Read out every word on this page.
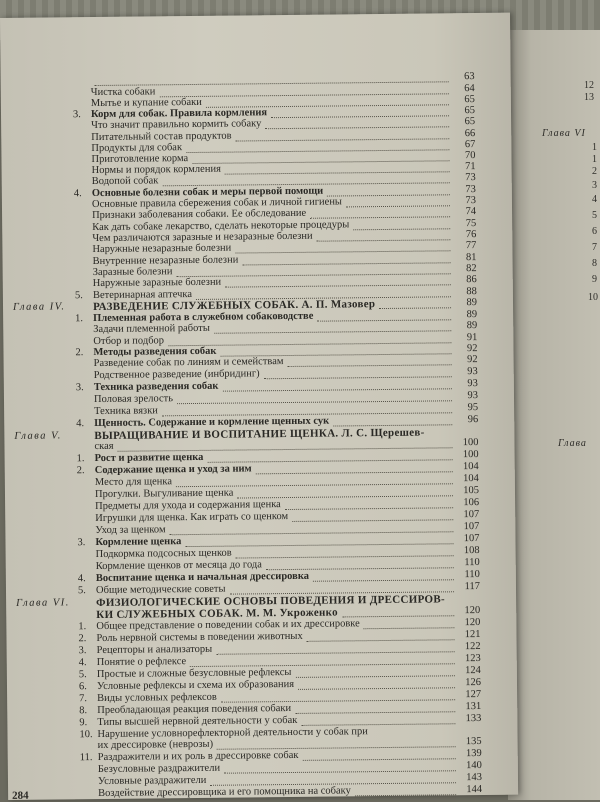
12
13
Глава VI
1
1
2
3
4
5
6
7
8
9
10
Глава
63
Чистка собаки	64
Мытье и купание собаки	65
3. Корм для собак. Правила кормления	65
Что значит правильно кормить собаку	65
Питательный состав продуктов	66
Продукты для собак	67
Приготовление корма	70
Нормы и порядок кормления	71
Водопой собак	73
4. Основные болезни собак и меры первой помощи	73
Основные правила сбережения собак и личной гигиены	73
Признаки заболевания собаки. Ее обследование	74
Как дать собаке лекарство, сделать некоторые процедуры	75
Чем различаются заразные и незаразные болезни	76
Наружные незаразные болезни	77
Внутренние незаразные болезни	81
Заразные болезни	82
Наружные заразные болезни	86
5. Ветеринарная аптечка	88
Глава IV. РАЗВЕДЕНИЕ СЛУЖЕБНЫХ СОБАК. А. П. Мазовер	89
1. Племенная работа в служебном собаководстве	89
Задачи племенной работы	89
Отбор и подбор	91
2. Методы разведения собак	92
Разведение собак по линиям и семействам	92
Родственное разведение (инбридинг)	93
3. Техника разведения собак	93
Половая зрелость	93
Техника вязки	95
4. Щенность. Содержание и кормление щенных сук	96
Глава V.	ВЫРАЩИВАНИЕ И ВОСПИТАНИЕ ЩЕНКА. Л. С. Щерешев-
ская	100
1. Рост и развитие щенка	100
2. Содержание щенка и уход за ним	104
Место для щенка	104
Прогулки. Выгуливание щенка	105
Предметы для ухода и содержания щенка	106
Игрушки для щенка. Как играть со щенком	107
Уход за щенком	107
3. Кормление щенка	107
Подкормка подсосных щенков	108
Кормление щенков от месяца до года	110
4. Воспитание щенка и начальная дрессировка	110
5. Общие методические советы	117
Глава VI. ФИЗИОЛОГИЧЕСКИЕ ОСНОВЫ ПОВЕДЕНИЯ И ДРЕССИРОВ-
КИ СЛУЖЕБНЫХ СОБАК. М. М. Укроженко	120
1. Общее представление о поведении собак и их дрессировке	120
2. Роль нервной системы в поведении животных	121
3. Рецепторы и анализаторы	122
4. Понятие о рефлексе	123
5. Простые и сложные безусловные рефлексы	124
6. Условные рефлексы и схема их образования	126
7. Виды условных рефлексов	127
8. Преобладающая реакция поведения собаки	131
9. Типы высшей нервной деятельности у собак	133
10. Нарушение условнорефлекторной деятельности у собак при
их дрессировке (неврозы)	135
11. Раздражители и их роль в дрессировке собак	139
Безусловные раздражители	140
Условные раздражители	143
Воздействие дрессировщика и его помощника на собаку	144
284
